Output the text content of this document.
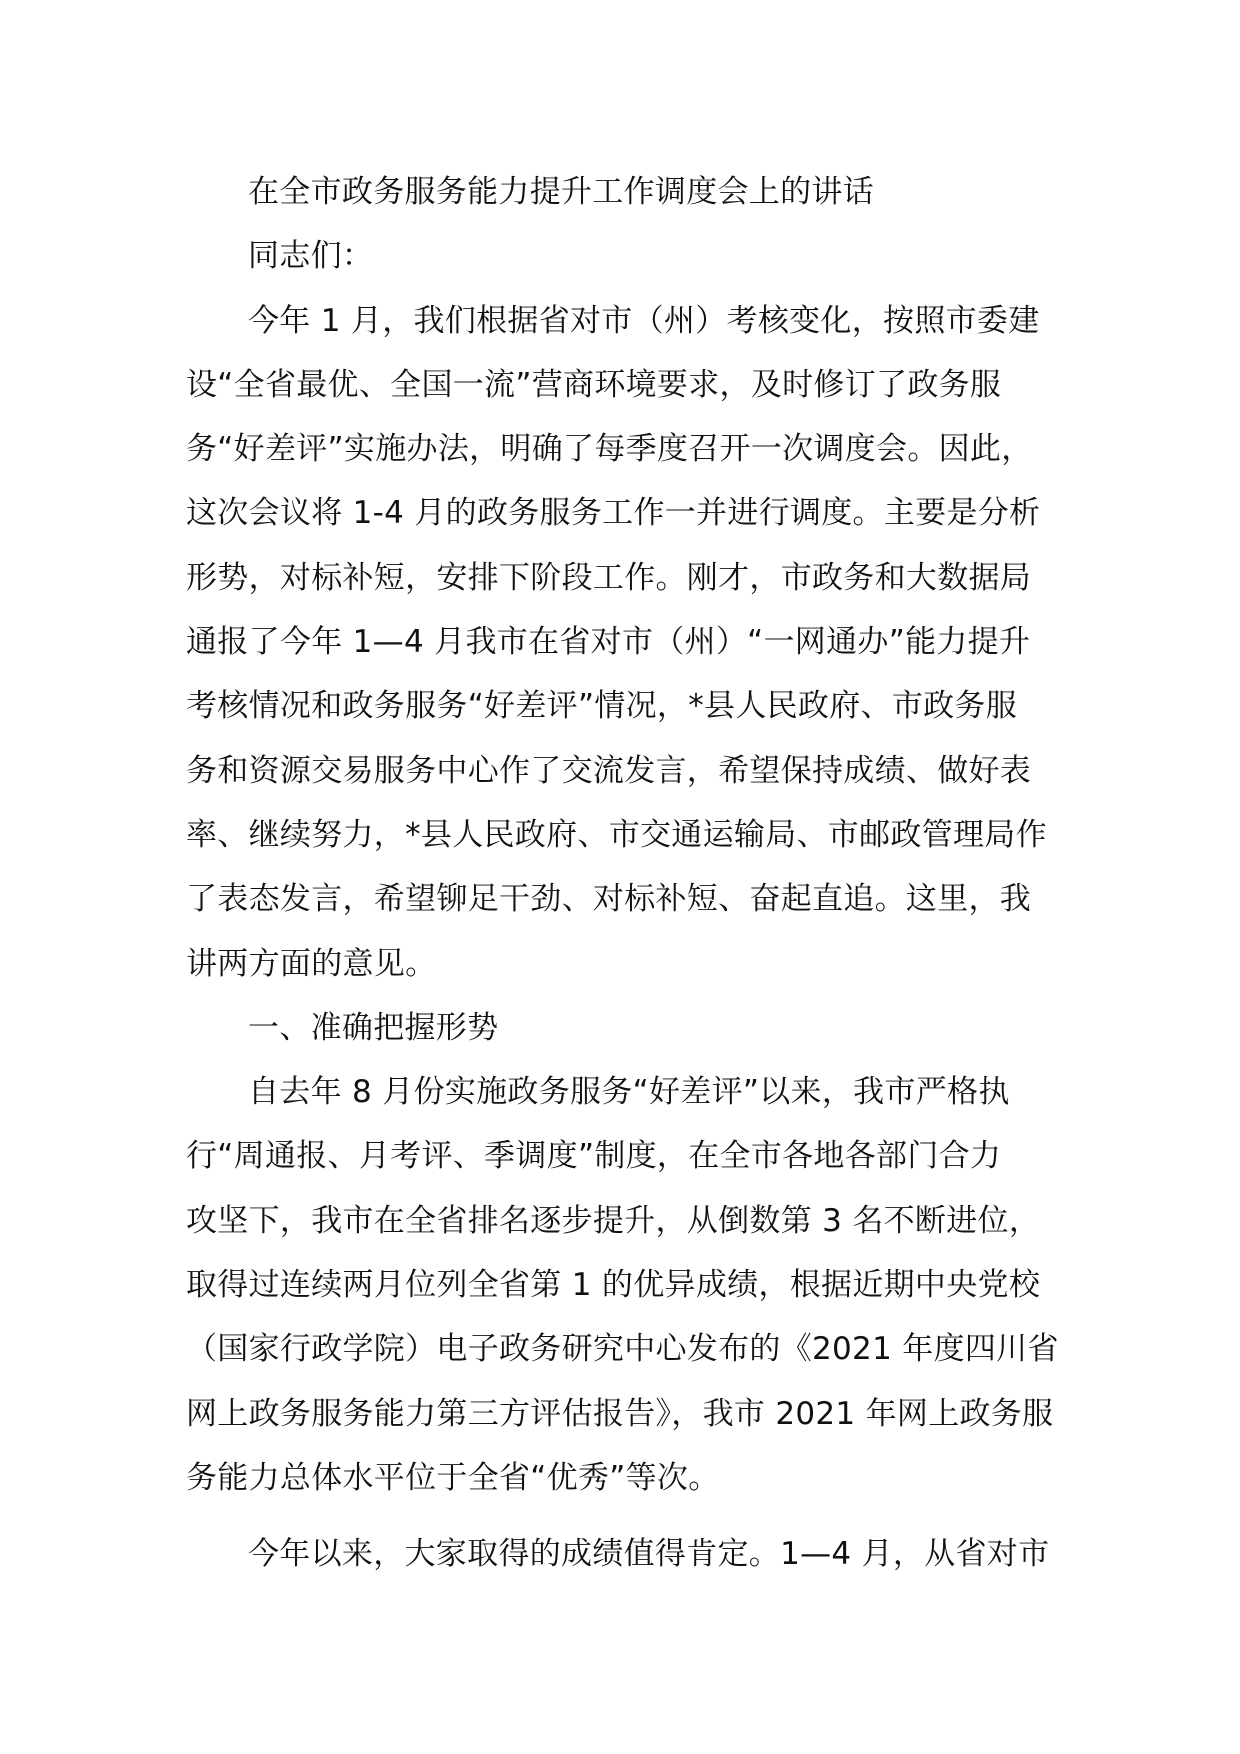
在全市政务服务能力提升工作调度会上的讲话
同志们：
今年 1 月，我们根据省对市（州）考核变化，按照市委建
设“全省最优、全国一流”营商环境要求，及时修订了政务服
务“好差评”实施办法，明确了每季度召开一次调度会。因此，
这次会议将 1-4 月的政务服务工作一并进行调度。主要是分析
形势，对标补短，安排下阶段工作。刚才，市政务和大数据局
通报了今年 1—4 月我市在省对市（州）“一网通办”能力提升
考核情况和政务服务“好差评”情况，*县人民政府、市政务服
务和资源交易服务中心作了交流发言，希望保持成绩、做好表
率、继续努力，*县人民政府、市交通运输局、市邮政管理局作
了表态发言，希望铆足干劲、对标补短、奋起直追。这里，我
讲两方面的意见。
一、准确把握形势
自去年 8 月份实施政务服务“好差评”以来，我市严格执
行“周通报、月考评、季调度”制度，在全市各地各部门合力
攻坚下，我市在全省排名逐步提升，从倒数第 3 名不断进位，
取得过连续两月位列全省第 1 的优异成绩，根据近期中央党校
（国家行政学院）电子政务研究中心发布的《2021 年度四川省
网上政务服务能力第三方评估报告》，我市 2021 年网上政务服
务能力总体水平位于全省“优秀”等次。
今年以来，大家取得的成绩值得肯定。1—4 月，从省对市
